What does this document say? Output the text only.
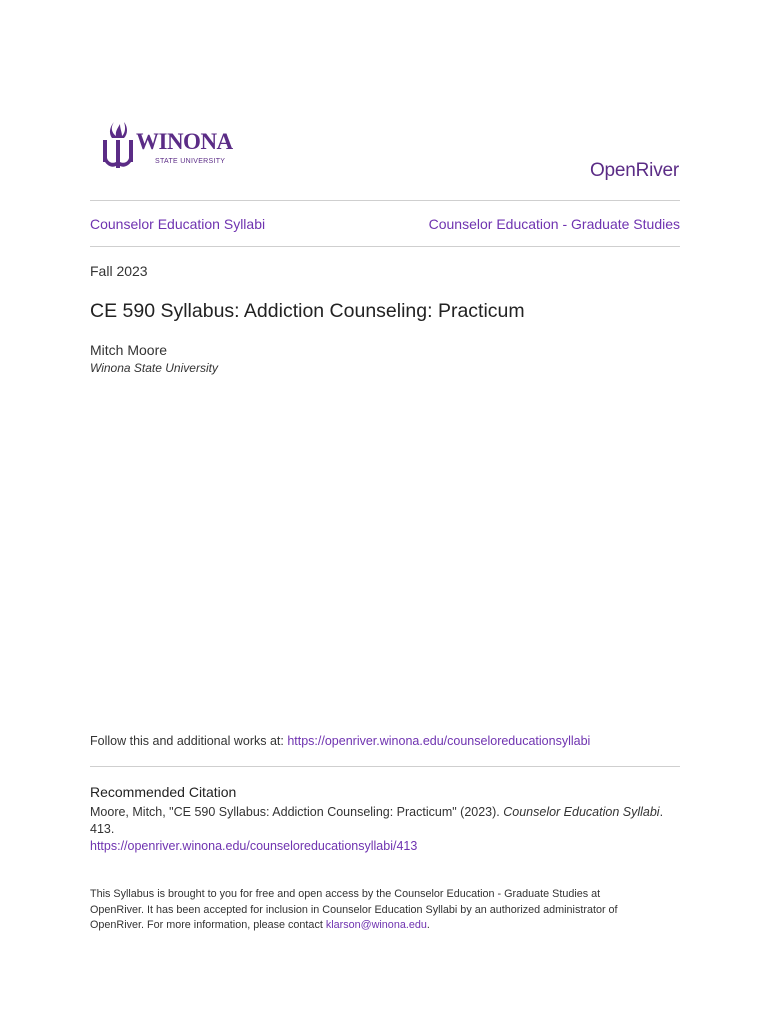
WINONA
STATE UNIVERSITY	OpenRiver
Counselor Education Syllabi	Counselor Education - Graduate Studies
Fall 2023
CE 590 Syllabus: Addiction Counseling: Practicum
Mitch Moore
Winona State University
Follow this and additional works at: https://openriver.winona.edu/counseloreducationsyllabi
Recommended Citation
Moore, Mitch, "CE 590 Syllabus: Addiction Counseling: Practicum" (2023). Counselor Education Syllabi.
413.
https://openriver.winona.edu/counseloreducationsyllabi/413
This Syllabus is brought to you for free and open access by the Counselor Education - Graduate Studies at
OpenRiver. It has been accepted for inclusion in Counselor Education Syllabi by an authorized administrator of
OpenRiver. For more information, please contact klarson@winona.edu.
